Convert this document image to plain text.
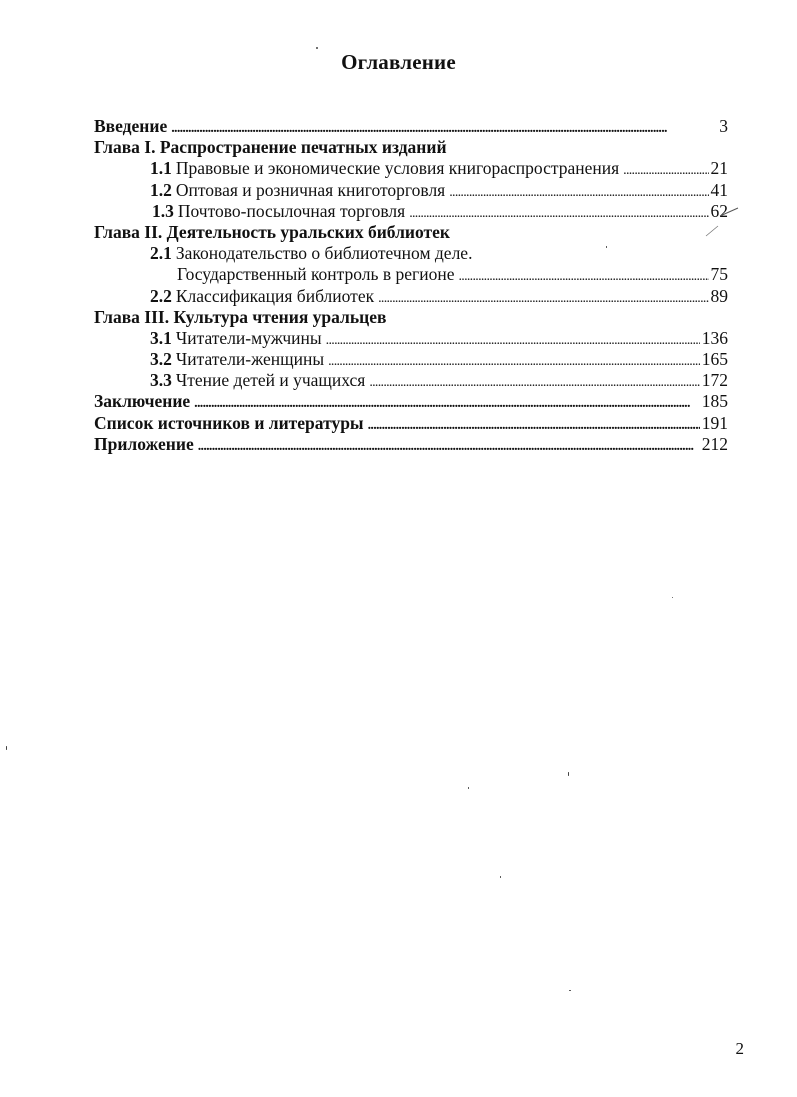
Оглавление
Введение . . .	3
Глава I. Распространение печатных изданий
1.1 Правовые и экономические условия книгораспространения . . .	21
1.2 Оптовая и розничная книготорговля . . .	41
1.3 Почтово-посылочная торговля . . .	62
Глава II. Деятельность уральских библиотек
2.1 Законодательство о библиотечном деле.
Государственный контроль в регионе . . .	75
2.2 Классификация библиотек . . .	89
Глава III. Культура чтения уральцев
3.1 Читатели-мужчины . . .	136
3.2 Читатели-женщины . . .	165
3.3 Чтение детей и учащихся . . .	172
Заключение . . .	185
Список источников и литературы . . .	191
Приложение . . .	212
2
